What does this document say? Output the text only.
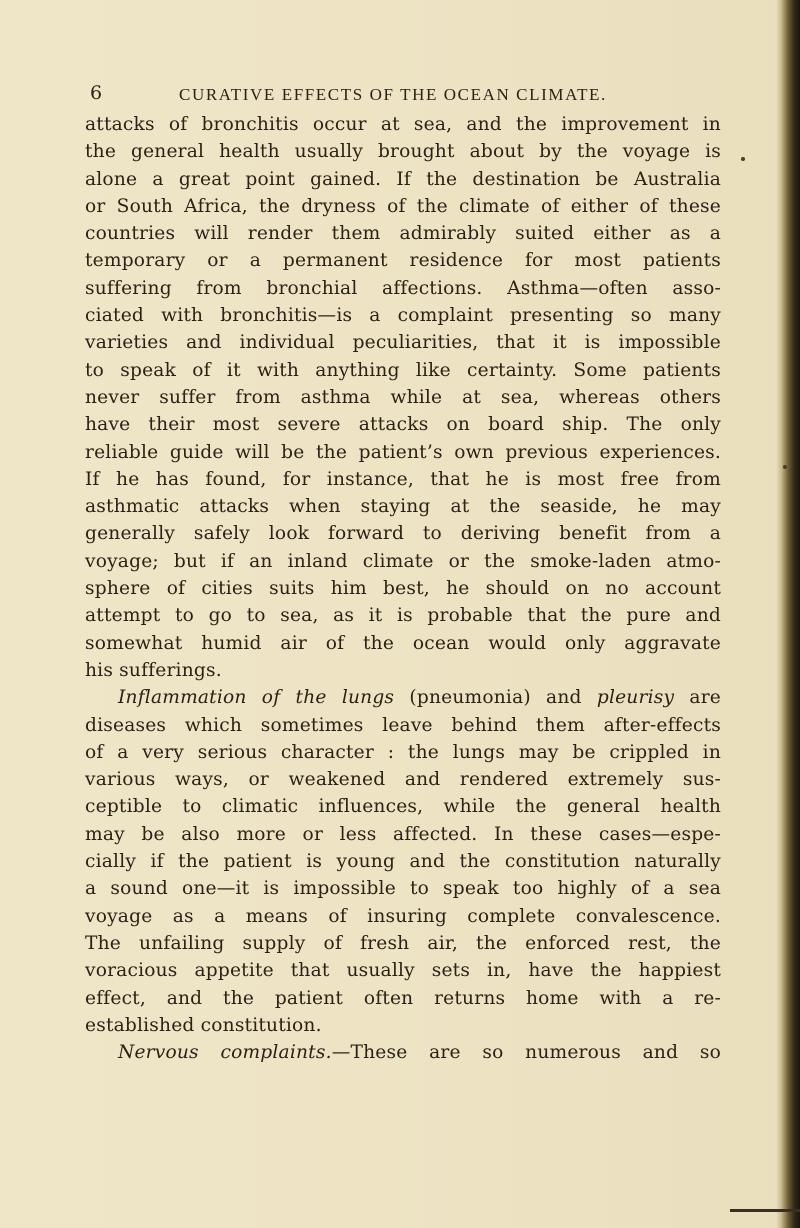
6	CURATIVE EFFECTS OF THE OCEAN CLIMATE.
attacks of bronchitis occur at sea, and the improvement in
the general health usually brought about by the voyage is
alone a great point gained. If the destination be Australia
or South Africa, the dryness of the climate of either of these
countries will render them admirably suited either as a
temporary or a permanent residence for most patients
suffering from bronchial affections. Asthma—often asso-
ciated with bronchitis—is a complaint presenting so many
varieties and individual peculiarities, that it is impossible
to speak of it with anything like certainty. Some patients
never suffer from asthma while at sea, whereas others
have their most severe attacks on board ship. The only
reliable guide will be the patient’s own previous experiences.
If he has found, for instance, that he is most free from
asthmatic attacks when staying at the seaside, he may
generally safely look forward to deriving benefit from a
voyage; but if an inland climate or the smoke-laden atmo-
sphere of cities suits him best, he should on no account
attempt to go to sea, as it is probable that the pure and
somewhat humid air of the ocean would only aggravate
his sufferings.
Inflammation of the lungs (pneumonia) and pleurisy are
diseases which sometimes leave behind them after-effects
of a very serious character : the lungs may be crippled in
various ways, or weakened and rendered extremely sus-
ceptible to climatic influences, while the general health
may be also more or less affected. In these cases—espe-
cially if the patient is young and the constitution naturally
a sound one—it is impossible to speak too highly of a sea
voyage as a means of insuring complete convalescence.
The unfailing supply of fresh air, the enforced rest, the
voracious appetite that usually sets in, have the happiest
effect, and the patient often returns home with a re-
established constitution.
Nervous complaints.—These are so numerous and so
